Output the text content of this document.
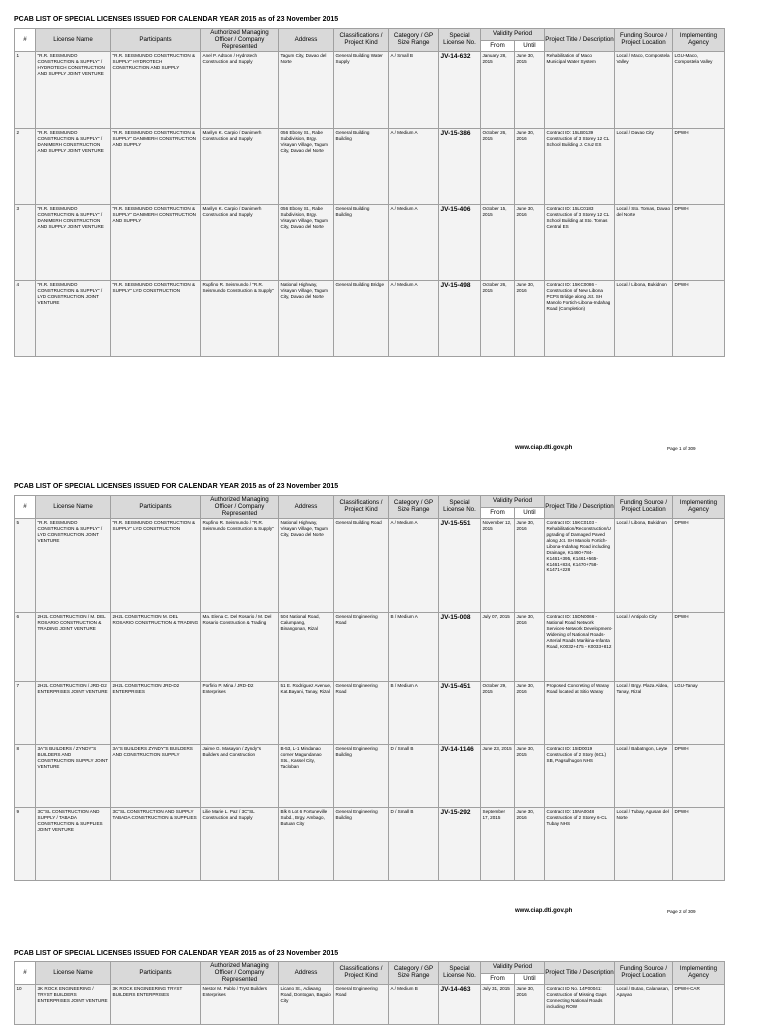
PCAB LIST OF SPECIAL LICENSES ISSUED FOR CALENDAR YEAR 2015 as of 23 November 2015
#	License Name	Participants	Authorized Managing Officer / Company Represented	Address	Classifications / Project Kind	Category / GP Size Range	Special License No.	Validity Period		Project Title / Description	Funding Source / Project Location	Implementing Agency
								From	Until			
1	"R.R. SEISMUNDO CONSTRUCTION & SUPPLY" / HYDROTECH CONSTRUCTION AND SUPPLY JOINT VENTURE	"R.R. SEISMUNDO CONSTRUCTION & SUPPLY" HYDROTECH CONSTRUCTION AND SUPPLY	Anel P. Adtoon / Hydrotech Construction and Supply	Tagum City, Davao del Norte	General Building Water Supply	A / Small B	JV-14-632	January 28, 2015	June 30, 2015	Rehabilitation of Maco Municipal Water System	Local / Maco, Compostela Valley	LGU-Maco, Compostela Valley
2	"R.R. SEISMUNDO CONSTRUCTION & SUPPLY" / DANIMERH CONSTRUCTION AND SUPPLY JOINT VENTURE	"R.R. SEISMUNDO CONSTRUCTION & SUPPLY" DANIMERH CONSTRUCTION AND SUPPLY	Marilyn K. Carpio / Danimerh Construction and Supply	056 Ebony St., Rabe Subdivision, Brgy. Visayan Village, Tagum City, Davao del Norte	General Building Building	A / Medium A	JV-15-386	October 26, 2015	June 30, 2016	Contract ID: 15LB0139 Construction of 3 Storey 12 CL School Building J. Cruz ES	Local / Davao City	DPWH
3	"R.R. SEISMUNDO CONSTRUCTION & SUPPLY" / DANIMERH CONSTRUCTION AND SUPPLY JOINT VENTURE	"R.R. SEISMUNDO CONSTRUCTION & SUPPLY" DANIMERH CONSTRUCTION AND SUPPLY	Marilyn K. Carpio / Danimerh Construction and Supply	056 Ebony St., Rabe Subdivision, Brgy. Visayan Village, Tagum City, Davao del Norte	General Building Building	A / Medium A	JV-15-406	October 15, 2015	June 30, 2016	Contract ID: 15LC0183 Construction of 3 Storey 12 CL School Building at Sto. Tomas Central ES	Local / Sto. Tomas, Davao del Norte	DPWH
4	"R.R. SEISMUNDO CONSTRUCTION & SUPPLY" / LYD CONSTRUCTION JOINT VENTURE	"R.R. SEISMUNDO CONSTRUCTION & SUPPLY" LYD CONSTRUCTION	Rupfino R. Seismundo / "R.R. Seismundo Construction & Supply"	National Highway, Visayan Village, Tagum City, Davao del Norte	General Building Bridge	A / Medium A	JV-15-498	October 26, 2015	June 30, 2016	Contract ID: 15KC0086 - Construction of New Libona PCPS Bridge along Jct. SH Manolo Fortich-Libona-Indahag Road (Completion)	Local / Libona, Bukidnon	DPWH
www.ciap.dti.gov.ph	Page 1 of 309
PCAB LIST OF SPECIAL LICENSES ISSUED FOR CALENDAR YEAR 2015 as of 23 November 2015
#	License Name	Participants	Authorized Managing Officer / Company Represented	Address	Classifications / Project Kind	Category / GP Size Range	Special License No.	Validity Period		Project Title / Description	Funding Source / Project Location	Implementing Agency
								From	Until			
5	"R.R. SEISMUNDO CONSTRUCTION & SUPPLY" / LYD CONSTRUCTION JOINT VENTURE	"R.R. SEISMUNDO CONSTRUCTION & SUPPLY" LYD CONSTRUCTION	Rupfino R. Seismundo / "R.R. Seismundo Construction & Supply"	National Highway, Visayan Village, Tagum City, Davao del Norte	General Building Road	A / Medium A	JV-15-551	November 12, 2015	June 30, 2016	Contract ID: 15KC0103 - Rehabilitation/Reconstruction/Upgrading of Damaged Paved along Jct. SH Manolo Fortich-Libona-Indahag Road including Drainage, K1460+784-K1461+395, K1461+565-K1461+834, K1470+758-K1471+228	Local / Libona, Bukidnon	DPWH
6	2H2L CONSTRUCTION / M. DEL ROSARIO CONSTRUCTION & TRADING JOINT VENTURE	2H2L CONSTRUCTION M. DEL ROSARIO CONSTRUCTION & TRADING	Ma. Elena C. Del Rosario / M. Del Rosario Construction & Trading	504 National Road, Calumpang, Binangonan, Rizal	General Engineering Road	B / Medium A	JV-15-008	July 07, 2015	June 30, 2016	Contract ID: 15DN0066 - National Road Network Services-Network Development-Widening of National Roads-Arterial Roads Marikina-Infanta Road, K0032+475 - K0033+812	Local / Antipolo City	DPWH
7	2H2L CONSTRUCTION / JRD-D2 ENTERPRISES JOINT VENTURE	2H2L CONSTRUCTION JRD-D2 ENTERPRISES	Porfirio P. Mina / JRD-D2 Enterprises	51 E. Rodriguez Avenue, Kat.Bayani, Tanay, Rizal	General Engineering Road	B / Medium A	JV-15-451	October 29, 2015	June 30, 2016	Proposed Concreting of Waray Road located at Sitio Waray	Local / Brgy. Plaza Aldea, Tanay, Rizal	LGU-Tanay
8	3A"S BUILDERS / ZYNDY"S BUILDERS AND CONSTRUCTION SUPPLY JOINT VENTURE	3A"S BUILDERS ZYNDY"S BUILDERS AND CONSTRUCTION SUPPLY	Jaime G. Masayon / Zyndy"s Builders and Construction	B-53, L-1 Mindanao corner Magundanao Sts., Kassel City, Tacloban	General Engineering Building	D / Small B	JV-14-1146	June 23, 2015	June 30, 2015	Contract ID: 15ID0019 Construction of 2 Story (6CL) SB, Pagsulhugon NHS	Local / Babatngon, Leyte	DPWH
9	3C"SL CONSTRUCTION AND SUPPLY / TABADA CONSTRUCTION & SUPPLIES JOINT VENTURE	3C"SL CONSTRUCTION AND SUPPLY TABADA CONSTRUCTION & SUPPLIES	Lilie Marie L. Paz / 3C"SL Construction and Supply	Blk 6 Lot 6 Fortuneville Subd., Brgy. Ambago, Butuan City	General Engineering Building	D / Small B	JV-15-292	September 17, 2015	June 30, 2016	Contract ID: 15NA0048 Construction of 2 Storey 6-CL Tubay NHS	Local / Tubay, Agusan del Norte	DPWH
www.ciap.dti.gov.ph	Page 2 of 309
PCAB LIST OF SPECIAL LICENSES ISSUED FOR CALENDAR YEAR 2015 as of 23 November 2015
#	License Name	Participants	Authorized Managing Officer / Company Represented	Address	Classifications / Project Kind	Category / GP Size Range	Special License No.	Validity Period		Project Title / Description	Funding Source / Project Location	Implementing Agency
								From	Until			
10	3K ROCK ENGINEERING / TRYST BUILDERS ENTERPRISES JOINT VENTURE	3K ROCK ENGINEERING TRYST BUILDERS ENTERPRISES	Nestor M. Pablo / Tryst Builders Enterprises	Licano St., Adiwang Road, Dontogan, Baguio City	General Engineering Road	A / Medium B	JV-14-463	July 31, 2015	June 30, 2016	Contract ID No. 14P00041: Construction of Missing Gaps Connecting National Roads including ROW	Local / Butao, Calanasan, Apayao	DPWH-CAR
